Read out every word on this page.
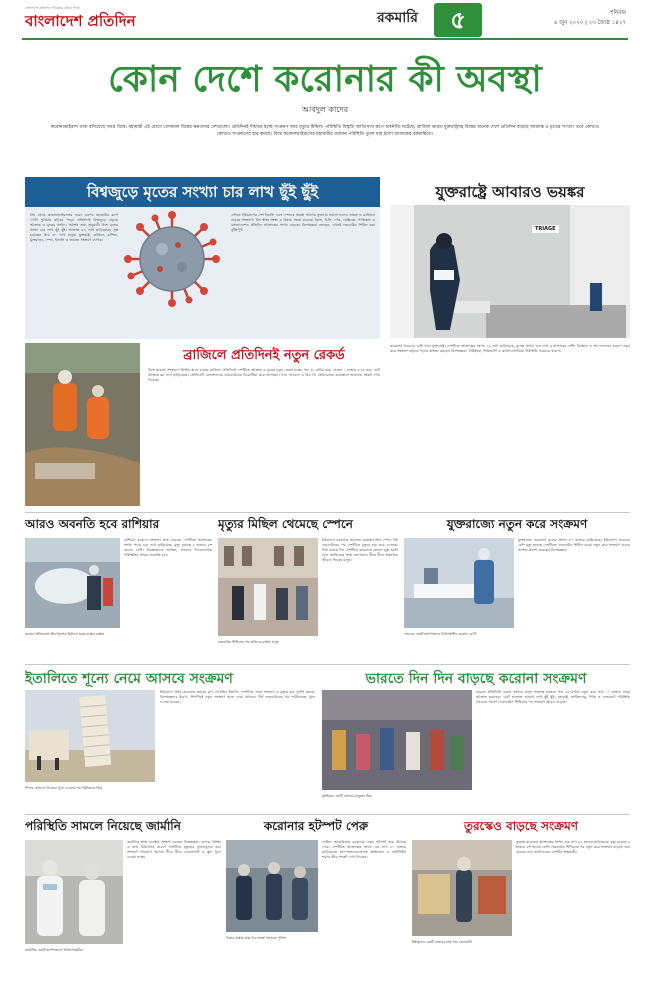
বাংলাদেশ প্রতিদিন পত্রিকার রঙিন পাতা
বাংলাদেশ প্রতিদিন	রকমারি	৫	শনিবার
৬ জুন ২০২০ | ২৩ জ্যৈষ্ঠ ১৪২৭
কোন দেশে করোনার কী অবস্থা
আবদুল কাদের
করোনাভাইরাস থাবা বসিয়েছে সমগ্র বিশ্বে। মহামারী এই রোগে বেসামাল বিশ্বের ক্ষমতাধর দেশগুলো। প্রতিদিনই দীর্ঘতর হচ্ছে সংক্রমণ আর মৃত্যুর মিছিল। পরিস্থিতি বিস্তৃতি জাতিসংঘ রূপে অবনীতি ঘটেছে। ব্রাজিল ভারত যুক্তরাষ্ট্রসহ বিশ্বের অনেক দেশে প্রতিদিন বাড়ছে আক্রান্ত ও মৃতের সংখ্যা। তবে কোথাও কোথাও সংক্রমণের হার কমছে। বিশ্বে করোনাভাইরাসের মহামারীর বর্তমান পরিস্থিতি তুলে ধরা হলো আজকের রকমারিতে।
বিশ্বজুড়ে মৃতের সংখ্যা চার লাখ ছুঁই ছুঁই
চীন থেকে করোনাভাইরাসের শুরু। এরপর মহামারীর রূপে গোটা দুনিয়ায় ছড়িয়ে পড়ে। প্রতিদিনই বিশ্বজুড়ে বাড়ছে আক্রান্ত ও মৃতের সংখ্যা। সর্বশেষ তথ্য অনুযায়ী বিশ্বে মৃতের সংখ্যা চার লাখ ছুঁই ছুঁই। আক্রান্ত ৬৭ লাখ ছাড়িয়েছে। সুস্থ হয়েছেন প্রায় ৩০ লাখ মানুষ। যুক্তরাষ্ট্র, ব্রাজিল, রাশিয়া, যুক্তরাজ্য, স্পেন, ইতালি ও ভারতে সংক্রমণ ব্যাপক।
এদিকে ইউরোপের দেশ ইতালি এবং স্পেনের অবস্থা আগের তুলনায় ভালো হলেও ভারত ও ব্রাজিলে বাড়ছে সংক্রমণ। বিশ্ব স্বাস্থ্য সংস্থা এ বিষয়ে সতর্ক করেছে। ইরান, চিলি, পেরু, মেক্সিকো, পাকিস্তান ও বাংলাদেশেও প্রতিদিন আক্রান্তের সংখ্যা বাড়ছে। বিশেষজ্ঞরা বলছেন, এখনই লকডাউন শিথিল করা ঝুঁকিপূর্ণ।
যুক্তরাষ্ট্রে আবারও ভয়ঙ্কর
TRIAGE
করোনার সবচেয়ে বেশি থাবা যুক্তরাষ্ট্রে। দেশটিতে আক্রান্তের সংখ্যা ১৯ লাখ ছাড়িয়েছে, মৃতের সংখ্যা এক লাখ ৯ হাজারের বেশি। বিক্ষোভ ও আন্দোলনের কারণে নতুন করে সংক্রমণ ছড়িয়ে পড়ার আশঙ্কা করছেন বিশেষজ্ঞরা। নিউইয়র্ক, নিউজার্সি ও ক্যালিফোর্নিয়ায় পরিস্থিতি সবচেয়ে খারাপ।
ব্রাজিলে প্রতিদিনই নতুন রেকর্ড
বিশ্বে করোনা সংক্রমণে দ্বিতীয় স্থানে রয়েছে ব্রাজিল। প্রতিদিনই দেশটিতে আক্রান্ত ও মৃতের নতুন রেকর্ড হচ্ছে। গত ২৪ ঘণ্টায় মারা গেছেন ১ হাজার ৪৭৩ জন। মোট আক্রান্ত ছয় লাখ ছাড়িয়েছে। প্রেসিডেন্ট বলসোনারো লকডাউনের বিরোধিতা করে আসছেন। সাও পাওলো ও রিও ডি জেনিরোতে কবরস্থানে জায়গার সংকট দেখা দিয়েছে।
আরও অবনতি হবে রাশিয়ার
রাশিয়ায় করোনা সংক্রমণ দ্রুত বাড়ছে। দেশটিতে আক্রান্তের সংখ্যা সাড়ে চার লাখ ছাড়িয়েছে, মৃত্যু হয়েছে ৫ হাজার ৫শ জনের বেশি। বিশ্লেষকদের আশঙ্কা, সামনের দিনগুলোতে পরিস্থিতির আরও অবনতি হবে।
করোনা প্রতিরোধে জীবাণুনাশক ছিটানো হচ্ছে মস্কোর রাস্তায়
মৃত্যুর মিছিল থেমেছে স্পেনে
ইউরোপে করোনার অন্যতম কেন্দ্রস্থল ছিল স্পেন। দীর্ঘ লকডাউনের পর দেশটিতে মৃত্যুর হার কমে এসেছে। টানা কয়েক দিন দেশটিতে করোনায় কোনো মৃত্যু হয়নি বলে জানিয়েছে স্বাস্থ্য মন্ত্রণালয়। ধীরে ধীরে স্বাভাবিক জীবনে ফিরছে মানুষ।
লকডাউন শিথিলের পর মাদ্রিদের রাস্তায় মানুষ
যুক্তরাজ্যে নতুন করে সংক্রমণ
যুক্তরাজ্যে করোনায় মৃতের সংখ্যা ৪০ হাজার ছাড়িয়েছে। ইউরোপে সবচেয়ে বেশি মৃত্যু হয়েছে দেশটিতে। লকডাউন শিথিল করায় নতুন করে সংক্রমণ বাড়ার আশঙ্কা প্রকাশ করেছেন বিশেষজ্ঞরা।
লন্ডনের একটি হাসপাতালে চিকিৎসাধীন করোনা রোগী
ইতালিতে শূন্যে নেমে আসবে সংক্রমণ
ইউরোপে প্রথম করোনার ভয়াবহ রূপ দেখেছিল ইতালি। দেশটিতে এখন সংক্রমণ ও মৃত্যুর হার দুটোই কমছে। বিশেষজ্ঞদের ধারণা, শিগগিরই নতুন সংক্রমণ শূন্যে নেমে আসবে। দীর্ঘ লকডাউনের পর পর্যটনকেন্দ্র খুলে দেওয়া হয়েছে।
পিসার হেলানো টাওয়ার খুলে দেওয়ার পর পর্যটকদের ভিড়
ভারতে দিন দিন বাড়ছে করোনা সংক্রমণ
ভারতে প্রতিদিনই রেকর্ড সংখ্যক মানুষ আক্রান্ত হচ্ছেন। গত ২৪ ঘণ্টায় নতুন করে প্রায় ১০ হাজার মানুষ আক্রান্ত হয়েছেন। মোট আক্রান্ত আড়াই লাখ ছুঁই ছুঁই। মহারাষ্ট্র, তামিলনাড়ু, দিল্লি ও গুজরাটে পরিস্থিতি সবচেয়ে খারাপ। লকডাউন শিথিলের পর সংক্রমণ আরও বাড়ছে।
মুম্বাইয়ের একটি বাজারে মানুষের ভিড়
পরিস্থিতি সামলে নিয়েছে জার্মানি
জার্মানির স্বাস্থ্য ব্যবস্থার প্রশংসা করছেন বিশ্লেষকরা। ব্যাপক পরীক্ষা ও দ্রুত চিকিৎসার কারণে দেশটিতে মৃত্যুহার তুলনামূলক কম। সংক্রমণ নিয়ন্ত্রণে আসায় ধীরে ধীরে দোকানপাট ও স্কুল খুলে দেওয়া হচ্ছে।
জার্মানির একটি হাসপাতালে চিকিৎসাকর্মীরা
করোনার হটস্পট পেরু
লাতিন আমেরিকায় করোনার নতুন হটস্পট হয়ে উঠেছে পেরু। দেশটিতে আক্রান্তের সংখ্যা এক লাখ ৮০ হাজার ছাড়িয়েছে। হাসপাতালগুলোতে অক্সিজেন ও আইসিইউ শয্যার তীব্র সংকট দেখা দিয়েছে।
লিমার রাস্তায় মাস্ক পরে সতর্ক পাহারায় পুলিশ
তুরস্কেও বাড়ছে সংক্রমণ
তুরস্কে করোনায় আক্রান্তের সংখ্যা এক লাখ ৬৭ হাজার ছাড়িয়েছে। মৃত্যু হয়েছে ৪ হাজার ৬শ জনের বেশি। লকডাউন শিথিলের পর নতুন করে সংক্রমণ বাড়তে শুরু করেছে বলে জানিয়েছেন দেশটির স্বাস্থ্যমন্ত্রী।
ইস্তাম্বুলের একটি বাজারে মাস্ক পরে কেনাকাটা
